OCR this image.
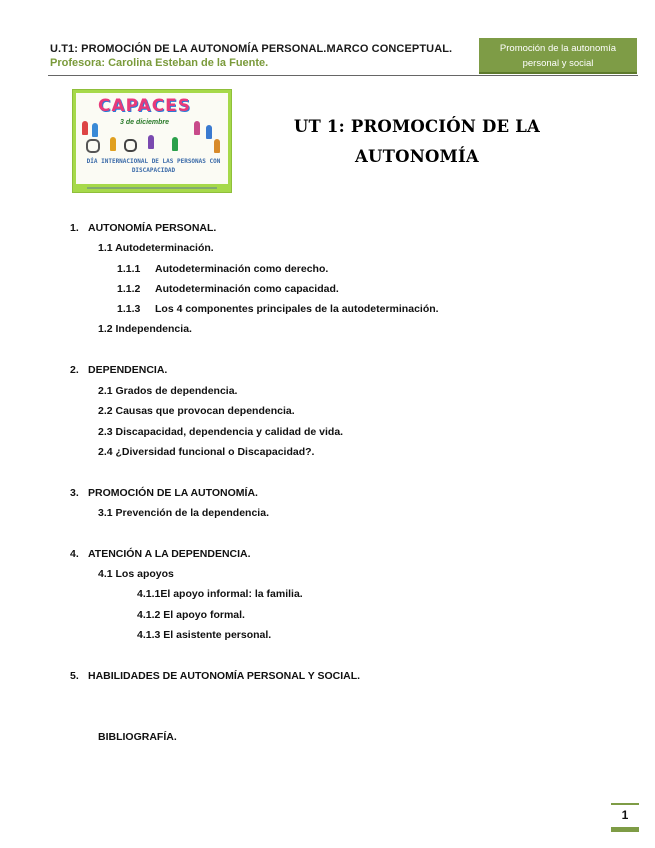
U.T1: PROMOCIÓN DE LA AUTONOMÍA PERSONAL.MARCO CONCEPTUAL.
Profesora: Carolina Esteban de la Fuente.
Promoción de la autonomía
personal y social
CAPACES
3 de diciembre
DÍA INTERNACIONAL DE LAS PERSONAS CON DISCAPACIDAD
UT 1: PROMOCIÓN DE LA
AUTONOMÍA
1. AUTONOMÍA PERSONAL.
1.1 Autodeterminación.
1.1.1 Autodeterminación como derecho.
1.1.2 Autodeterminación como capacidad.
1.1.3 Los 4 componentes principales de la autodeterminación.
1.2 Independencia.
2. DEPENDENCIA.
2.1 Grados de dependencia.
2.2 Causas que provocan dependencia.
2.3 Discapacidad, dependencia y calidad de vida.
2.4 ¿Diversidad funcional o Discapacidad?.
3. PROMOCIÓN DE LA AUTONOMÍA.
3.1 Prevención de la dependencia.
4. ATENCIÓN A LA DEPENDENCIA.
4.1 Los apoyos
4.1.1El apoyo informal: la familia.
4.1.2 El apoyo formal.
4.1.3 El asistente personal.
5. HABILIDADES DE AUTONOMÍA PERSONAL Y SOCIAL.
BIBLIOGRAFÍA.
1
